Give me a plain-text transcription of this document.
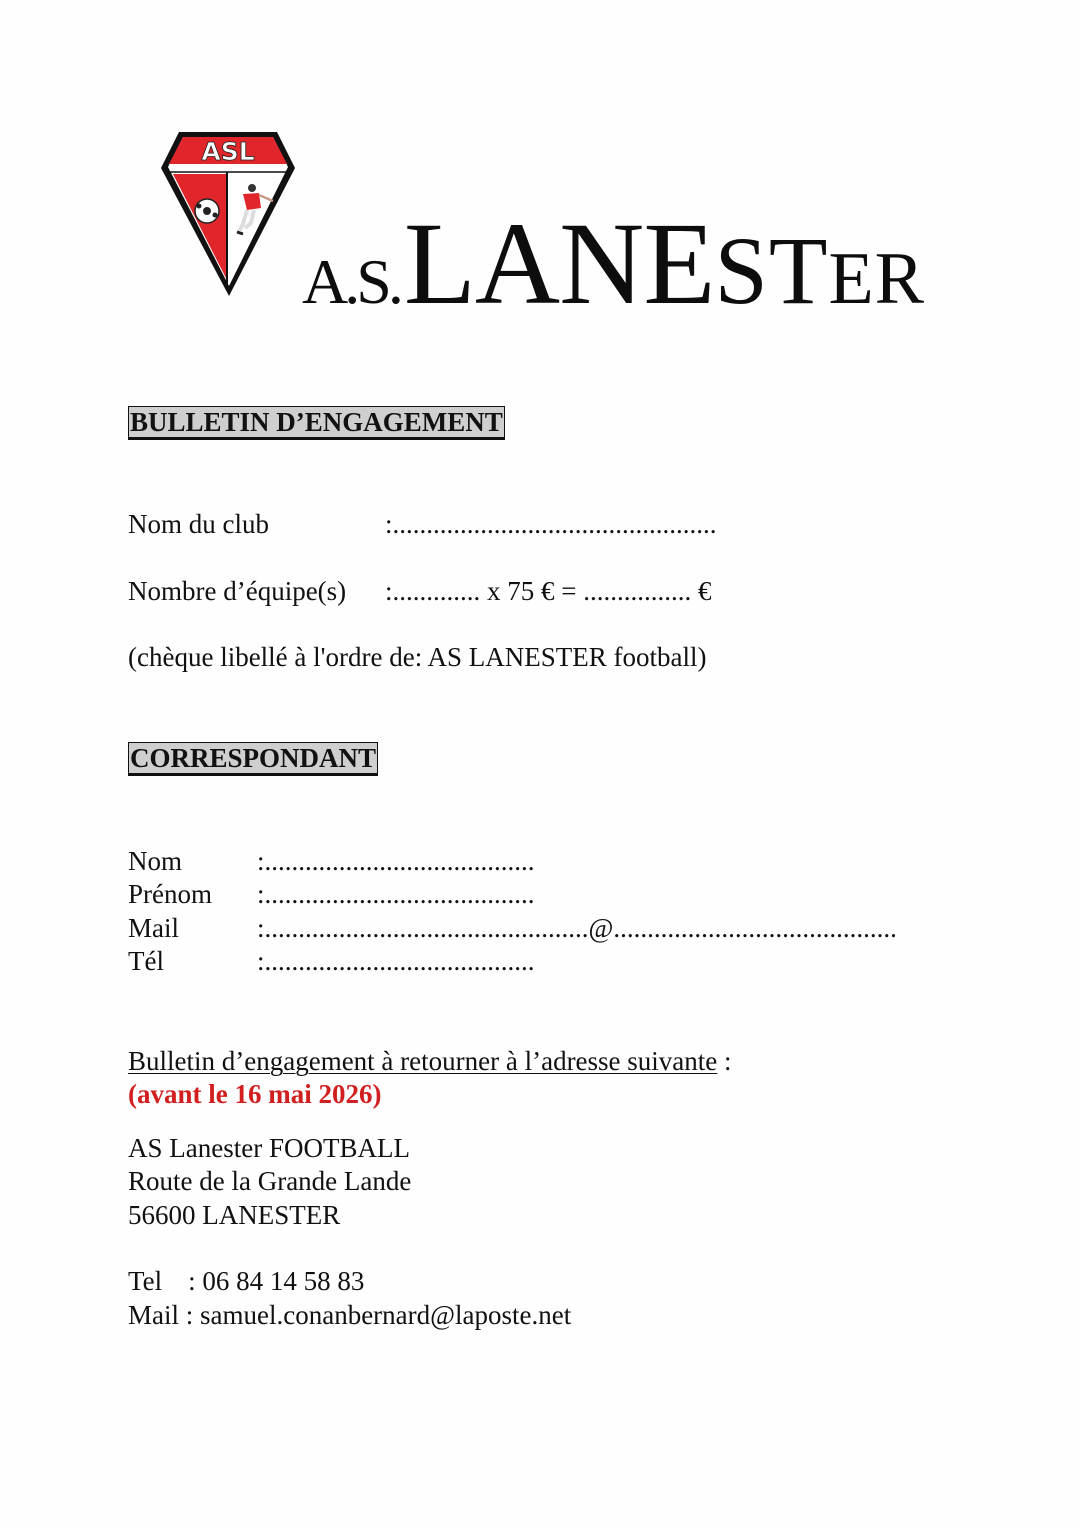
ASL
A.S. L A N E S T E R
BULLETIN D’ENGAGEMENT
Nom du club	:................................................
Nombre d’équipe(s) :............. x 75 € = ................ €
(chèque libellé à l'ordre de: AS LANESTER football)
CORRESPONDANT
Nom	:........................................
Prénom :........................................
Mail	:................................................@..........................................
Tél	:........................................
Bulletin d’engagement à retourner à l’adresse suivante :
(avant le 16 mai 2026)
AS Lanester FOOTBALL
Route de la Grande Lande
56600 LANESTER
Tel : 06 84 14 58 83
Mail : samuel.conanbernard@laposte.net
